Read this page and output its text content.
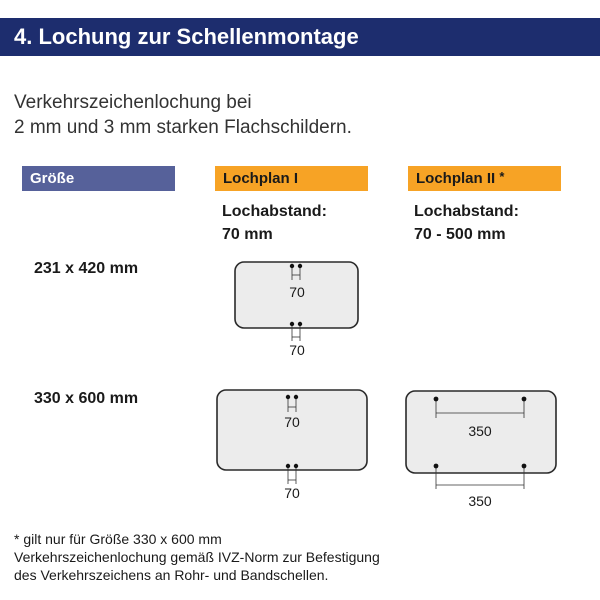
4. Lochung zur Schellenmontage
Verkehrszeichenlochung bei
2 mm und 3 mm starken Flachschildern.
Größe	Lochplan I	Lochplan II *
Lochabstand:
70 mm
Lochabstand:
70 - 500 mm
231 x 420 mm
330 x 600 mm
70
70
70
70
350
350
* gilt nur für Größe 330 x 600 mm
Verkehrszeichenlochung gemäß IVZ-Norm zur Befestigung
des Verkehrszeichens an Rohr- und Bandschellen.
